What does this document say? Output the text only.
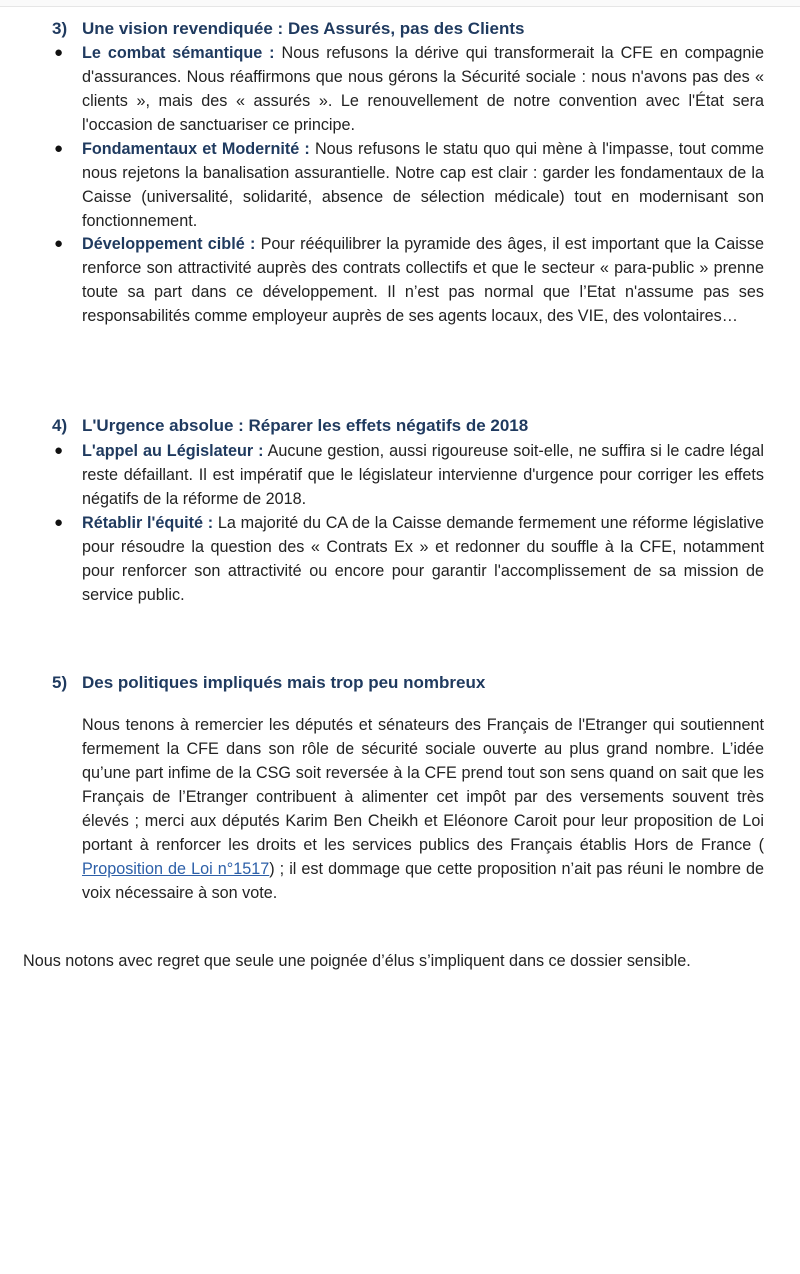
3) Une vision revendiquée : Des Assurés, pas des Clients
● Le combat sémantique : Nous refusons la dérive qui transformerait la CFE en compagnie d'assurances. Nous réaffirmons que nous gérons la Sécurité sociale : nous n'avons pas des « clients », mais des « assurés ». Le renouvellement de notre convention avec l'État sera l'occasion de sanctuariser ce principe.
● Fondamentaux et Modernité : Nous refusons le statu quo qui mène à l'impasse, tout comme nous rejetons la banalisation assurantielle. Notre cap est clair : garder les fondamentaux de la Caisse (universalité, solidarité, absence de sélection médicale) tout en modernisant son fonctionnement.
● Développement ciblé : Pour rééquilibrer la pyramide des âges, il est important que la Caisse renforce son attractivité auprès des contrats collectifs et que le secteur « para-public » prenne toute sa part dans ce développement. Il n’est pas normal que l’Etat n'assume pas ses responsabilités comme employeur auprès de ses agents locaux, des VIE, des volontaires…
4) L'Urgence absolue : Réparer les effets négatifs de 2018
● L'appel au Législateur : Aucune gestion, aussi rigoureuse soit-elle, ne suffira si le cadre légal reste défaillant. Il est impératif que le législateur intervienne d'urgence pour corriger les effets négatifs de la réforme de 2018.
● Rétablir l'équité : La majorité du CA de la Caisse demande fermement une réforme législative pour résoudre la question des « Contrats Ex » et redonner du souffle à la CFE, notamment pour renforcer son attractivité ou encore pour garantir l'accomplissement de sa mission de service public.
5) Des politiques impliqués mais trop peu nombreux
Nous tenons à remercier les députés et sénateurs des Français de l'Etranger qui soutiennent fermement la CFE dans son rôle de sécurité sociale ouverte au plus grand nombre. L’idée qu’une part infime de la CSG soit reversée à la CFE prend tout son sens quand on sait que les Français de l’Etranger contribuent à alimenter cet impôt par des versements souvent très élevés ; merci aux députés Karim Ben Cheikh et Eléonore Caroit pour leur proposition de Loi portant à renforcer les droits et les services publics des Français établis Hors de France ( Proposition de Loi n°1517) ; il est dommage que cette proposition n’ait pas réuni le nombre de voix nécessaire à son vote.
Nous notons avec regret que seule une poignée d’élus s’impliquent dans ce dossier sensible.
